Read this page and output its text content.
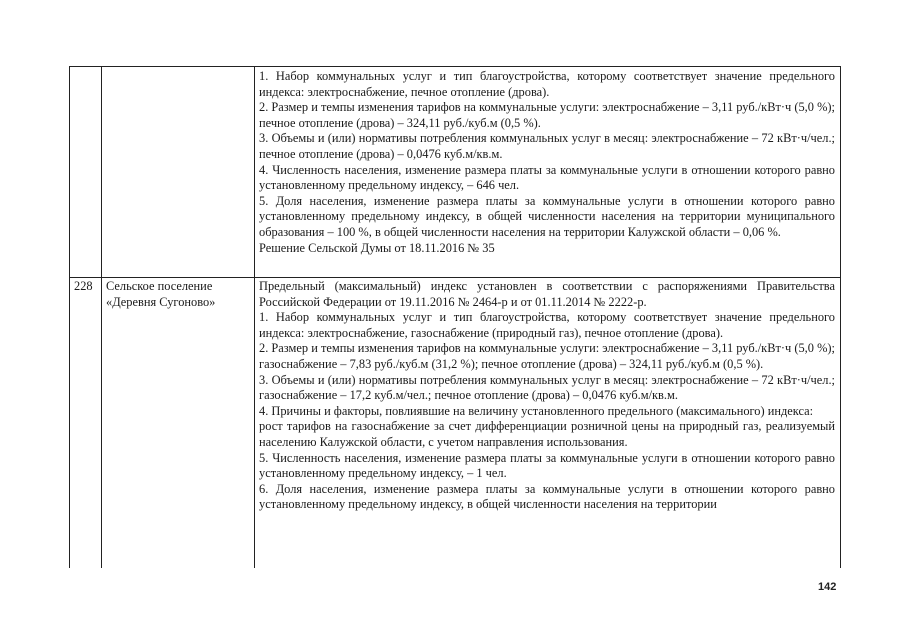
1. Набор коммунальных услуг и тип благоустройства, которому соответствует значение предельного индекса: электроснабжение, печное отопление (дрова).

2. Размер и темпы изменения тарифов на коммунальные услуги: электроснабжение – 3,11 руб./кВт·ч (5,0 %); печное отопление (дрова) – 324,11 руб./куб.м (0,5 %).

3. Объемы и (или) нормативы потребления коммунальных услуг в месяц: электроснабжение – 72 кВт·ч/чел.; печное отопление (дрова) – 0,0476 куб.м/кв.м.

4. Численность населения, изменение размера платы за коммунальные услуги в отношении которого равно установленному предельному индексу, – 646 чел.

5. Доля населения, изменение размера платы за коммунальные услуги в отношении которого равно установленному предельному индексу, в общей численности населения на территории муниципального образования – 100 %, в общей численности населения на территории Калужской области – 0,06 %.

Решение Сельской Думы от 18.11.2016 № 35

228	Сельское поселение «Деревня Сугоново»

Предельный (максимальный) индекс установлен в соответствии с распоряжениями Правительства Российской Федерации от 19.11.2016 № 2464-р и от 01.11.2014 № 2222-р.

1. Набор коммунальных услуг и тип благоустройства, которому соответствует значение предельного индекса: электроснабжение, газоснабжение (природный газ), печное отопление (дрова).

2. Размер и темпы изменения тарифов на коммунальные услуги: электроснабжение – 3,11 руб./кВт·ч (5,0 %); газоснабжение – 7,83 руб./куб.м (31,2 %); печное отопление (дрова) – 324,11 руб./куб.м (0,5 %).

3. Объемы и (или) нормативы потребления коммунальных услуг в месяц: электроснабжение – 72 кВт·ч/чел.; газоснабжение – 17,2 куб.м/чел.; печное отопление (дрова) – 0,0476 куб.м/кв.м.

4. Причины и факторы, повлиявшие на величину установленного предельного (максимального) индекса:

рост тарифов на газоснабжение за счет дифференциации розничной цены на природный газ, реализуемый населению Калужской области, с учетом направления использования.

5. Численность населения, изменение размера платы за коммунальные услуги в отношении которого равно установленному предельному индексу, – 1 чел.

6. Доля населения, изменение размера платы за коммунальные услуги в отношении которого равно установленному предельному индексу, в общей численности населения на территории

142
